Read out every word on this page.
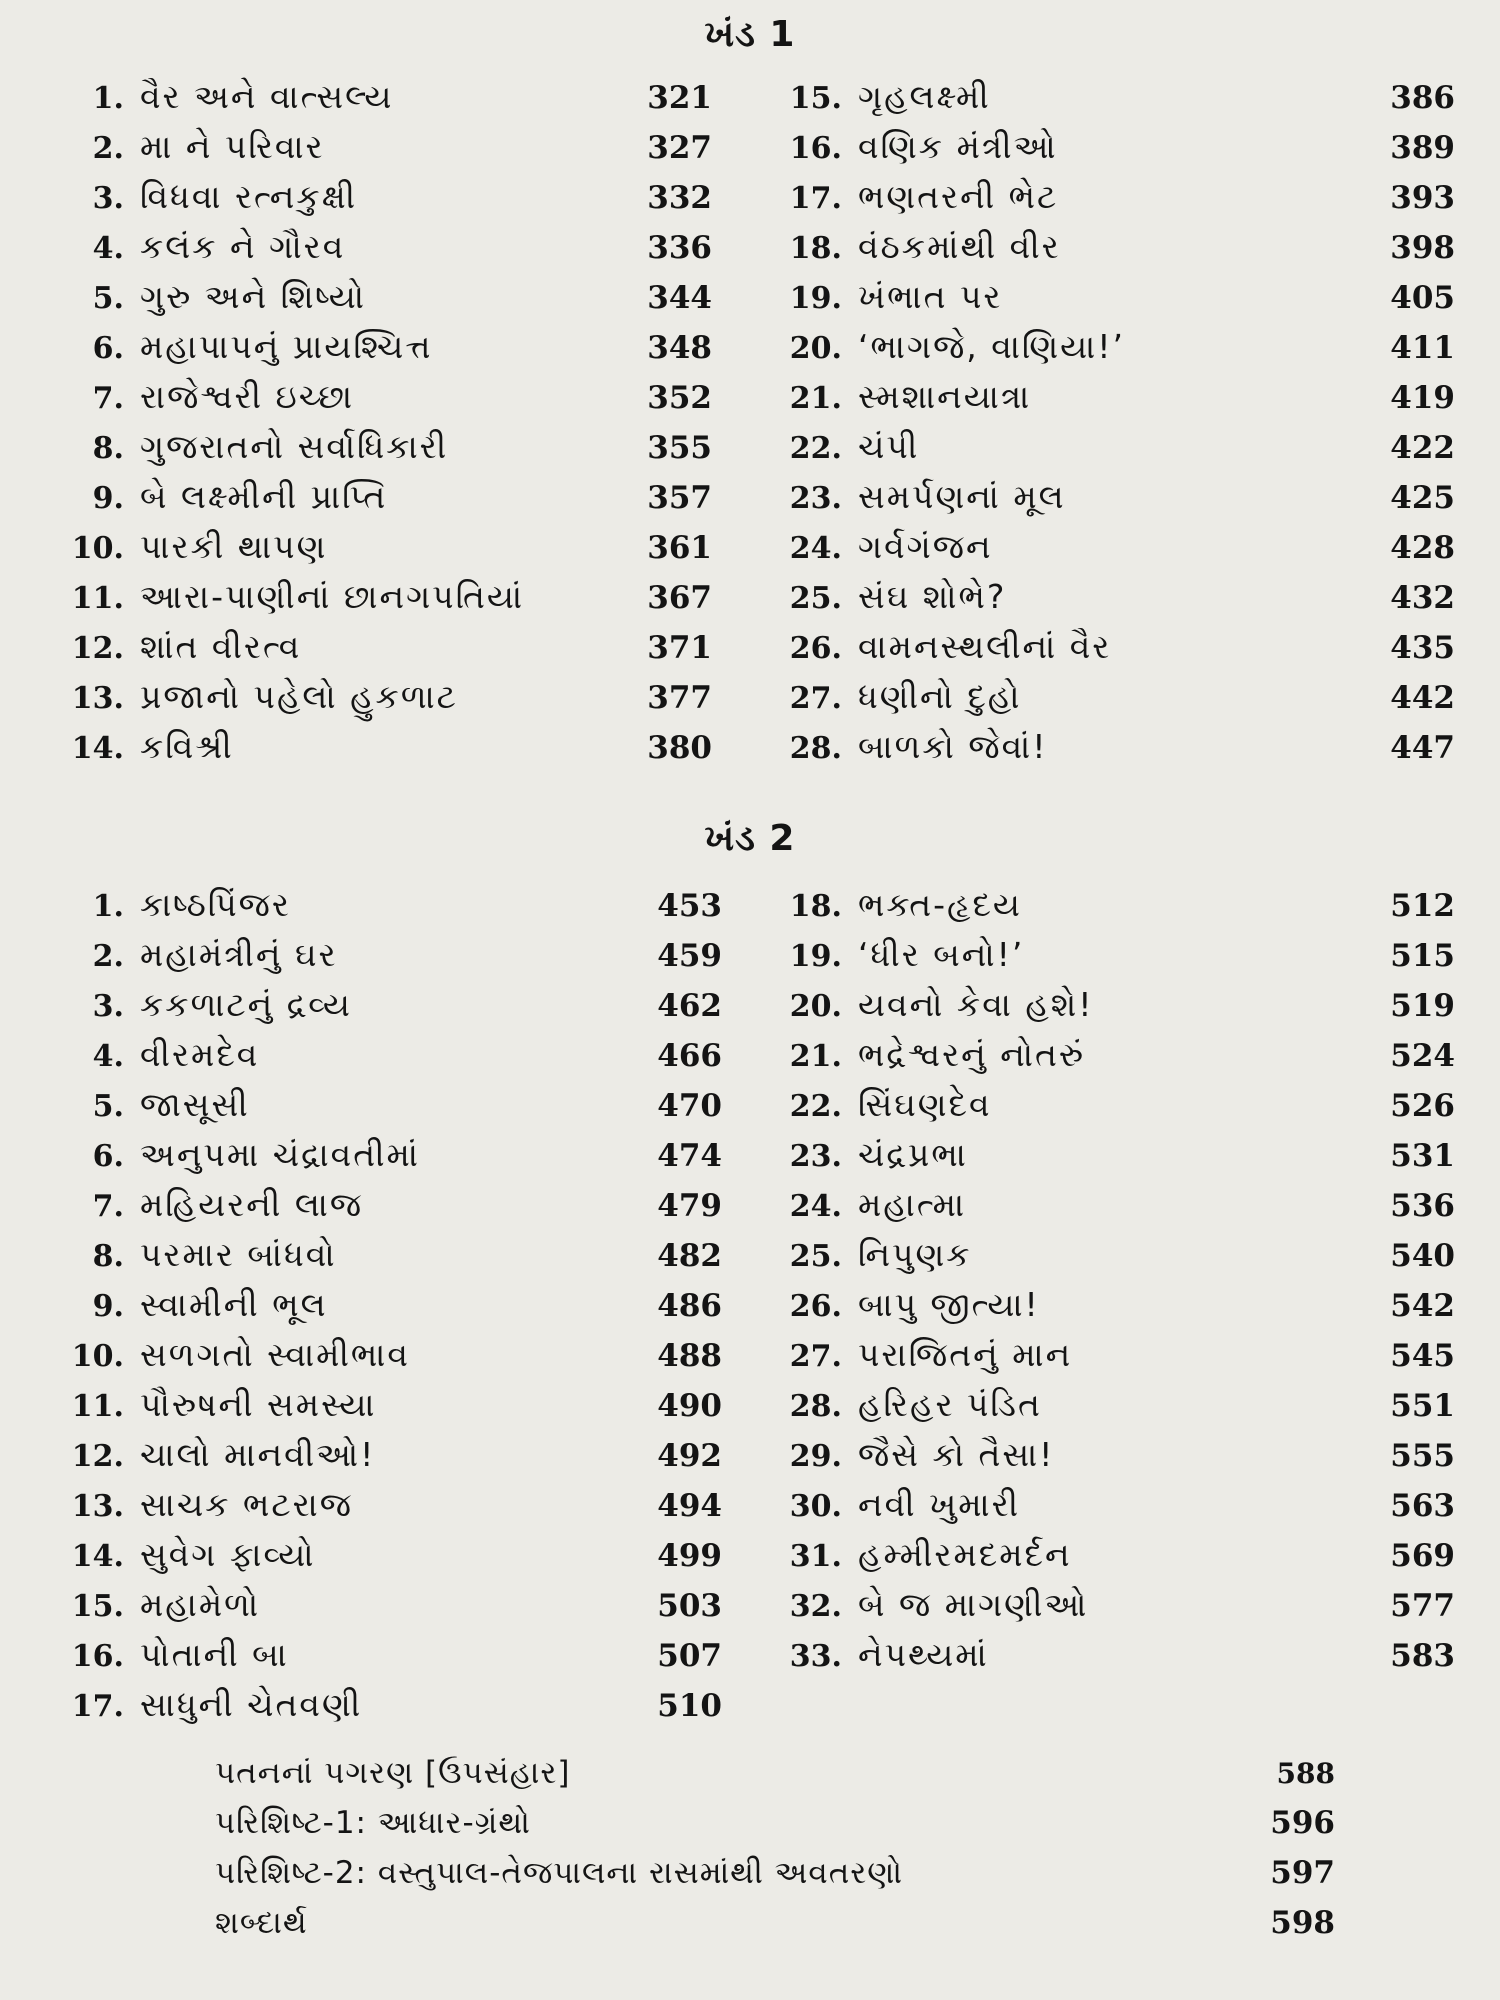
ખંડ 1
1. વૈર અને વાત્સલ્ય	321
2. મા ને પરિવાર	327
3. વિધવા રત્નકુક્ષી	332
4. કલંક ને ગૌરવ	336
5. ગુરુ અને શિષ્યો	344
6. મહાપાપનું પ્રાયશ્ચિત્ત	348
7. રાજેશ્વરી ઇચ્છા	352
8. ગુજરાતનો સર્વાધિકારી	355
9. બે લક્ષ્મીની પ્રાપ્તિ	357
10. પારકી થાપણ	361
11. આરા-પાણીનાં છાનગપતિયાં	367
12. શાંત વીરત્વ	371
13. પ્રજાનો પહેલો હુકળાટ	377
14. કવિશ્રી	380
15. ગૃહલક્ષ્મી	386
16. વણિક મંત્રીઓ	389
17. ભણતરની ભેટ	393
18. વંઠકમાંથી વીર	398
19. ખંભાત પર	405
20. ‘ભાગજે, વાણિયા!’	411
21. સ્મશાનયાત્રા	419
22. ચંપી	422
23. સમર્પણનાં મૂલ	425
24. ગર્વગંજન	428
25. સંઘ શોભે?	432
26. વામનસ્થલીનાં વૈર	435
27. ધણીનો દુહો	442
28. બાળકો જેવાં!	447
ખંડ 2
1. કાષ્ઠપિંજર	453
2. મહામંત્રીનું ઘર	459
3. કકળાટનું દ્રવ્ય	462
4. વીરમદેવ	466
5. જાસૂસી	470
6. અનુપમા ચંદ્રાવતીમાં	474
7. મહિયરની લાજ	479
8. પરમાર બાંધવો	482
9. સ્વામીની ભૂલ	486
10. સળગતો સ્વામીભાવ	488
11. પૌરુષની સમસ્યા	490
12. ચાલો માનવીઓ!	492
13. સાચક ભટરાજ	494
14. સુવેગ ફાવ્યો	499
15. મહામેળો	503
16. પોતાની બા	507
17. સાધુની ચેતવણી	510
18. ભક્ત-હૃદય	512
19. ‘ધીર બનો!’	515
20. યવનો કેવા હશે!	519
21. ભદ્રેશ્વરનું નોતરું	524
22. સિંઘણદેવ	526
23. ચંદ્રપ્રભા	531
24. મહાત્મા	536
25. નિપુણક	540
26. બાપુ જીત્યા!	542
27. પરાજિતનું માન	545
28. હરિહર પંડિત	551
29. જૈસે કો તૈસા!	555
30. નવી ખુમારી	563
31. હમ્મીરમદમર્દન	569
32. બે જ માગણીઓ	577
33. નેપથ્યમાં	583
પતનનાં પગરણ [ઉપસંહાર]	588
પરિશિષ્ટ-1: આધાર-ગ્રંથો	596
પરિશિષ્ટ-2: વસ્તુપાલ-તેજપાલના રાસમાંથી અવતરણો	597
શબ્દાર્થ	598
